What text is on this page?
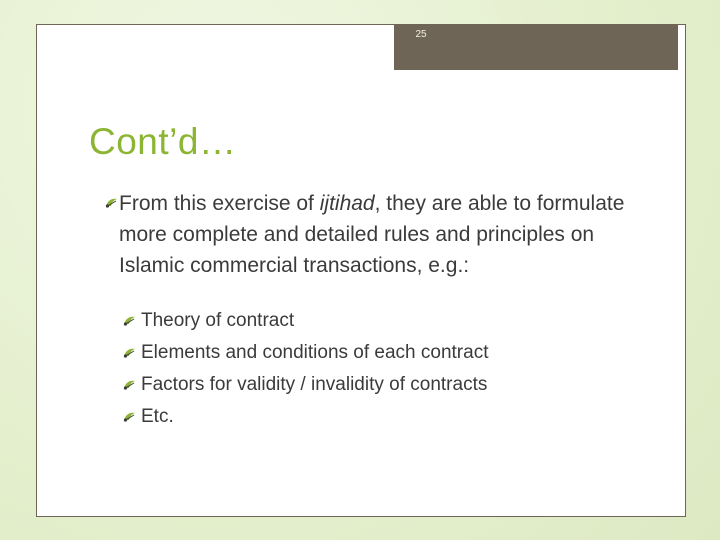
25
Cont’d…
From this exercise of ijtihad, they are able to formulate more complete and detailed rules and principles on Islamic commercial transactions, e.g.:
Theory of contract
Elements and conditions of each contract
Factors for validity / invalidity of contracts
Etc.
